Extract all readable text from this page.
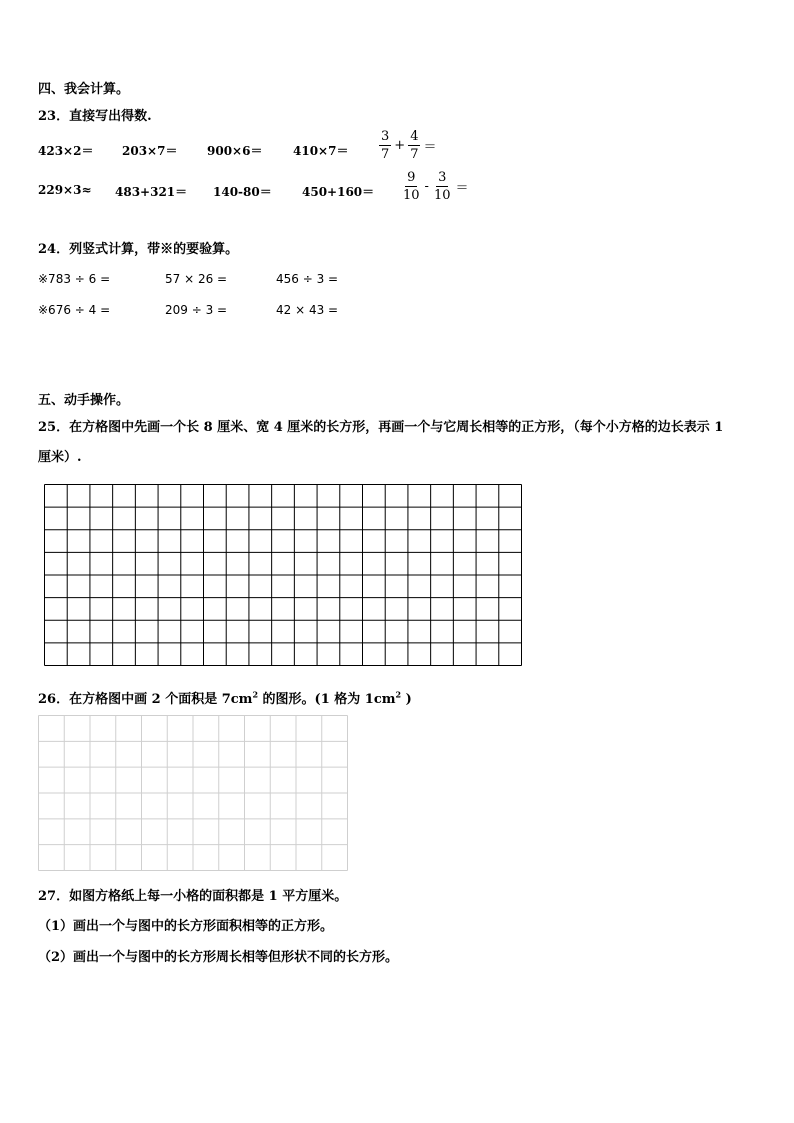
四、我会计算。
23．直接写出得数.
423×2＝ 203×7＝ 900×6＝	$410\times 7= \frac{3}{7} + \frac{4}{7}$ ＝
229×3≈ 483+321＝ 140-80＝	$450+160= \frac{9}{10} - \frac{3}{10}$ ＝
24．列竖式计算，带※的要验算。
※783 ÷ 6 =	57 × 26 =	456 ÷ 3 =
※676 ÷ 4 =	209 ÷ 3 =	42 × 43 =
五、动手操作。
25．在方格图中先画一个长 8 厘米、宽 4 厘米的长方形，再画一个与它周长相等的正方形，（每个小方格的边长表示 1
厘米）.
26．在方格图中画 2 个面积是 $7cm^2$ 的图形。(1 格为 $1cm^2$ )
27．如图方格纸上每一小格的面积都是 1 平方厘米。
（1）画出一个与图中的长方形面积相等的正方形。
（2）画出一个与图中的长方形周长相等但形状不同的长方形。
